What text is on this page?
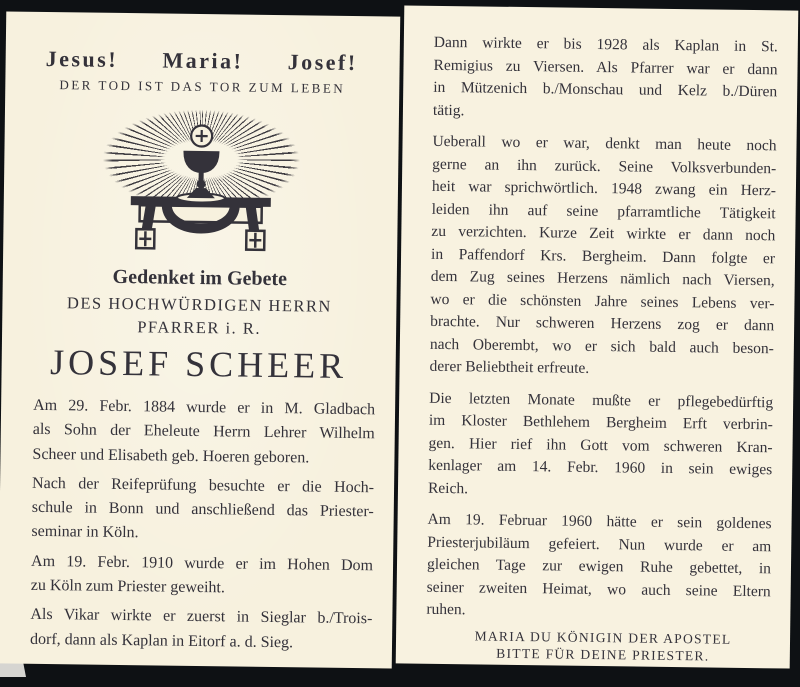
Jesus! Maria! Josef!
DER TOD IST DAS TOR ZUM LEBEN
Gedenket im Gebete
DES HOCHWÜRDIGEN HERRN
PFARRER i. R.
JOSEF SCHEER
Am 29. Febr. 1884 wurde er in M. Gladbach
als Sohn der Eheleute Herrn Lehrer Wilhelm
Scheer und Elisabeth geb. Hoeren geboren.
Nach der Reifeprüfung besuchte er die Hoch-
schule in Bonn und anschließend das Priester-
seminar in Köln.
Am 19. Febr. 1910 wurde er im Hohen Dom
zu Köln zum Priester geweiht.
Als Vikar wirkte er zuerst in Sieglar b./Trois-
dorf, dann als Kaplan in Eitorf a. d. Sieg.
Dann wirkte er bis 1928 als Kaplan in St.
Remigius zu Viersen. Als Pfarrer war er dann
in Mützenich b./Monschau und Kelz b./Düren
tätig.
Ueberall wo er war, denkt man heute noch
gerne an ihn zurück. Seine Volksverbunden-
heit war sprichwörtlich. 1948 zwang ein Herz-
leiden ihn auf seine pfarramtliche Tätigkeit
zu verzichten. Kurze Zeit wirkte er dann noch
in Paffendorf Krs. Bergheim. Dann folgte er
dem Zug seines Herzens nämlich nach Viersen,
wo er die schönsten Jahre seines Lebens ver-
brachte. Nur schweren Herzens zog er dann
nach Oberembt, wo er sich bald auch beson-
derer Beliebtheit erfreute.
Die letzten Monate mußte er pflegebedürftig
im Kloster Bethlehem Bergheim Erft verbrin-
gen. Hier rief ihn Gott vom schweren Kran-
kenlager am 14. Febr. 1960 in sein ewiges
Reich.
Am 19. Februar 1960 hätte er sein goldenes
Priesterjubiläum gefeiert. Nun wurde er am
gleichen Tage zur ewigen Ruhe gebettet, in
seiner zweiten Heimat, wo auch seine Eltern
ruhen.
MARIA DU KÖNIGIN DER APOSTEL
BITTE FÜR DEINE PRIESTER.
